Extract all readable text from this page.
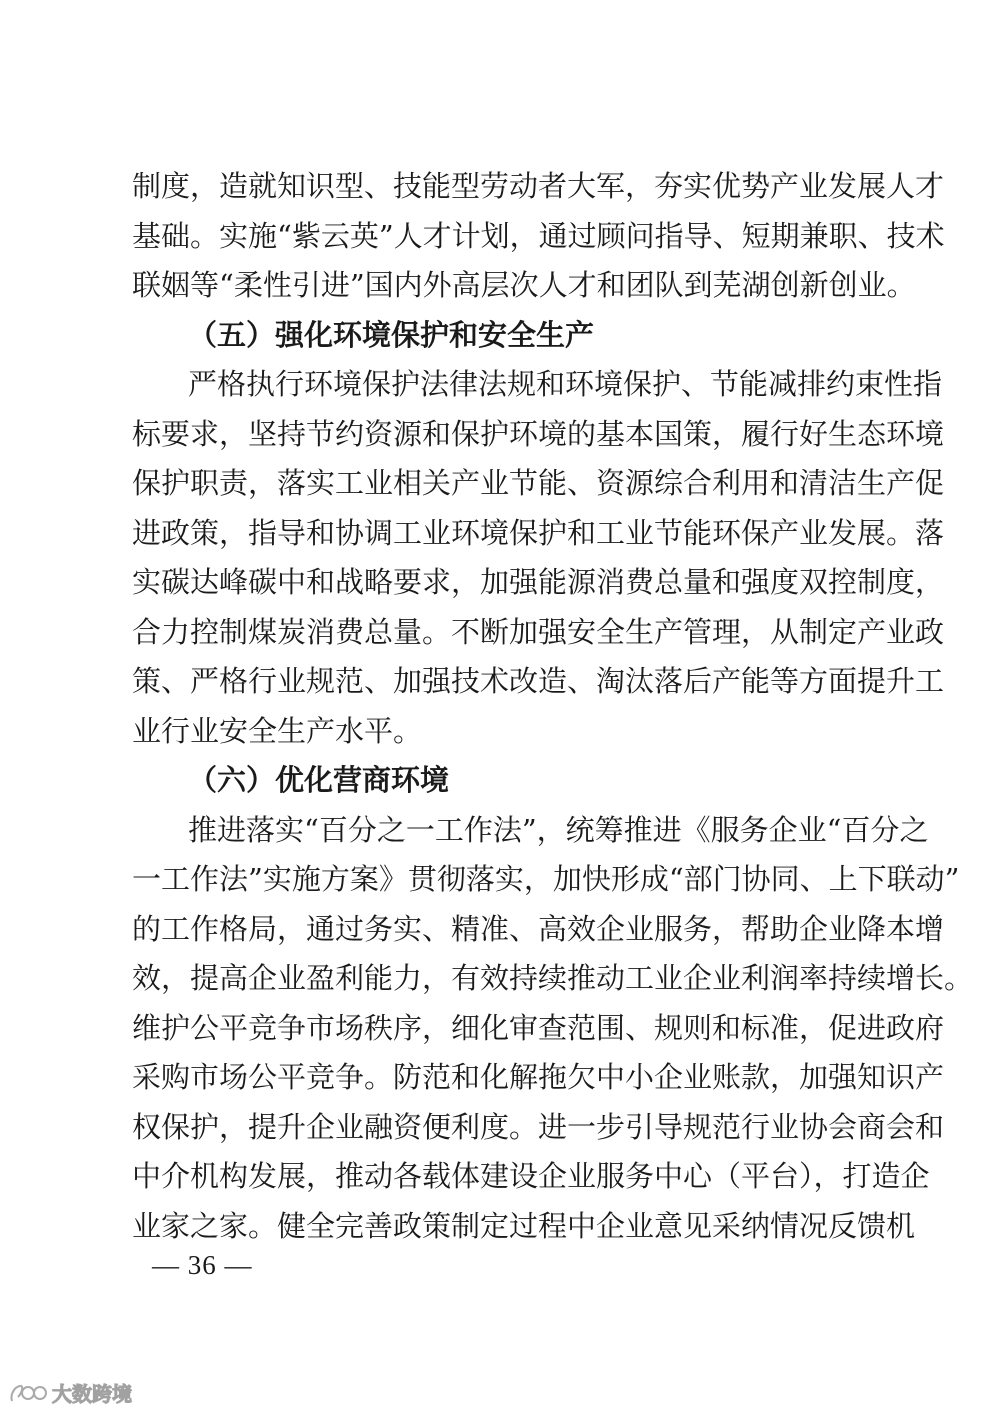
制度，造就知识型、技能型劳动者大军，夯实优势产业发展人才
基础。实施“紫云英”人才计划，通过顾问指导、短期兼职、技术
联姻等“柔性引进”国内外高层次人才和团队到芜湖创新创业。
（五）强化环境保护和安全生产
严格执行环境保护法律法规和环境保护、节能减排约束性指
标要求，坚持节约资源和保护环境的基本国策，履行好生态环境
保护职责，落实工业相关产业节能、资源综合利用和清洁生产促
进政策，指导和协调工业环境保护和工业节能环保产业发展。落
实碳达峰碳中和战略要求，加强能源消费总量和强度双控制度，
合力控制煤炭消费总量。不断加强安全生产管理，从制定产业政
策、严格行业规范、加强技术改造、淘汰落后产能等方面提升工
业行业安全生产水平。
（六）优化营商环境
推进落实“百分之一工作法”，统筹推进《服务企业“百分之
一工作法”实施方案》贯彻落实，加快形成“部门协同、上下联动”
的工作格局，通过务实、精准、高效企业服务，帮助企业降本增
效，提高企业盈利能力，有效持续推动工业企业利润率持续增长。
维护公平竞争市场秩序，细化审查范围、规则和标准，促进政府
采购市场公平竞争。防范和化解拖欠中小企业账款，加强知识产
权保护，提升企业融资便利度。进一步引导规范行业协会商会和
中介机构发展，推动各载体建设企业服务中心（平台），打造企
业家之家。健全完善政策制定过程中企业意见采纳情况反馈机
— 36 —
大数跨境
